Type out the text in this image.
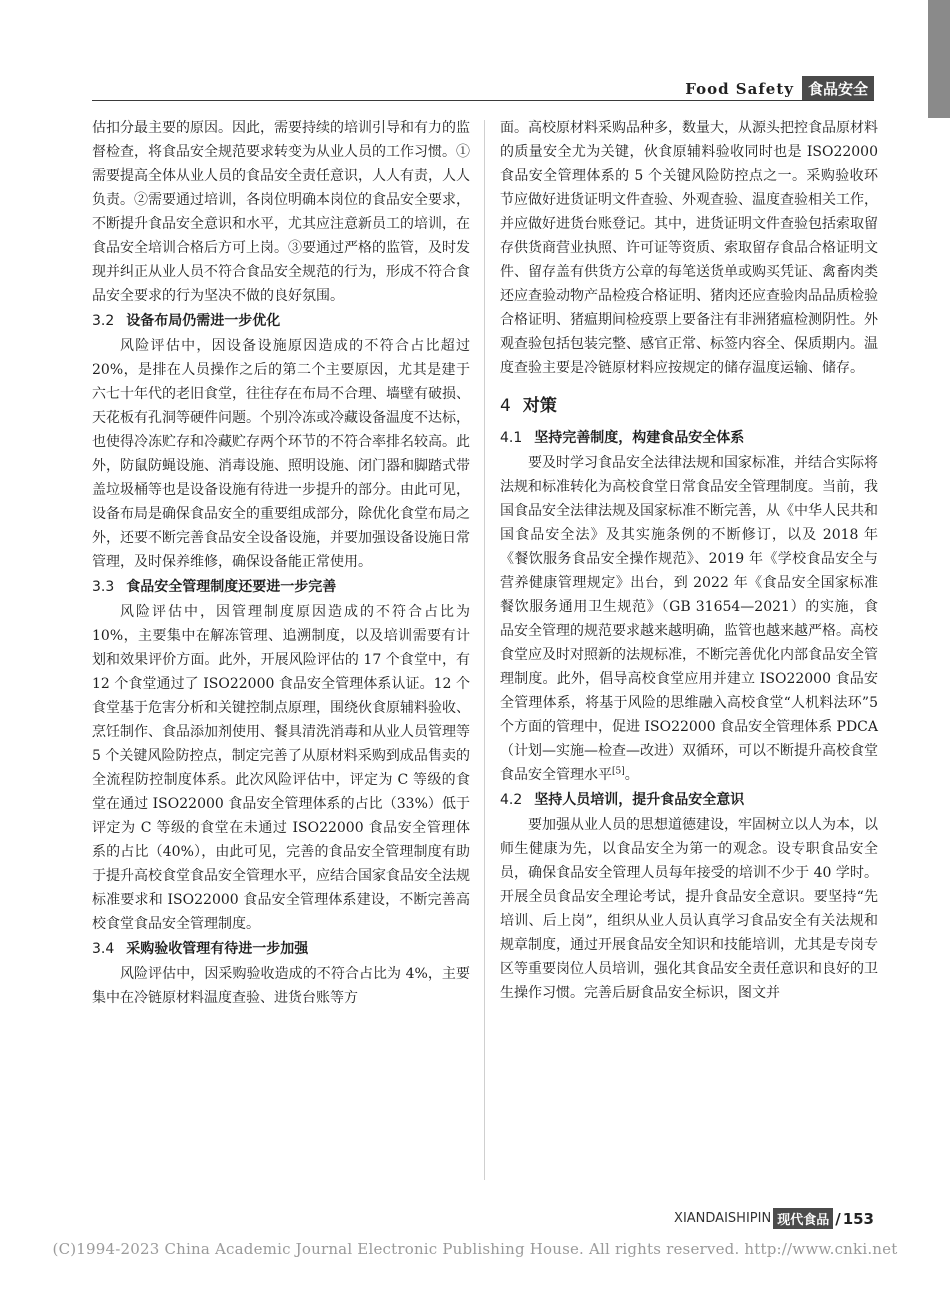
Food Safety 食品安全

估扣分最主要的原因。因此，需要持续的培训引导和有力的监督检查，将食品安全规范要求转变为从业人员的工作习惯。①需要提高全体从业人员的食品安全责任意识，人人有责，人人负责。②需要通过培训，各岗位明确本岗位的食品安全要求，不断提升食品安全意识和水平，尤其应注意新员工的培训，在食品安全培训合格后方可上岗。③要通过严格的监管，及时发现并纠正从业人员不符合食品安全规范的行为，形成不符合食品安全要求的行为坚决不做的良好氛围。

3.2 设备布局仍需进一步优化

风险评估中，因设备设施原因造成的不符合占比超过 20%，是排在人员操作之后的第二个主要原因，尤其是建于六七十年代的老旧食堂，往往存在布局不合理、墙壁有破损、天花板有孔洞等硬件问题。个别冷冻或冷藏设备温度不达标，也使得冷冻贮存和冷藏贮存两个环节的不符合率排名较高。此外，防鼠防蝇设施、消毒设施、照明设施、闭门器和脚踏式带盖垃圾桶等也是设备设施有待进一步提升的部分。由此可见，设备布局是确保食品安全的重要组成部分，除优化食堂布局之外，还要不断完善食品安全设备设施，并要加强设备设施日常管理，及时保养维修，确保设备能正常使用。

3.3 食品安全管理制度还要进一步完善

风险评估中，因管理制度原因造成的不符合占比为 10%，主要集中在解冻管理、追溯制度，以及培训需要有计划和效果评价方面。此外，开展风险评估的 17 个食堂中，有 12 个食堂通过了 ISO22000 食品安全管理体系认证。12 个食堂基于危害分析和关键控制点原理，围绕伙食原辅料验收、烹饪制作、食品添加剂使用、餐具清洗消毒和从业人员管理等 5 个关键风险防控点，制定完善了从原材料采购到成品售卖的全流程防控制度体系。此次风险评估中，评定为 C 等级的食堂在通过 ISO22000 食品安全管理体系的占比（33%）低于评定为 C 等级的食堂在未通过 ISO22000 食品安全管理体系的占比（40%），由此可见，完善的食品安全管理制度有助于提升高校食堂食品安全管理水平，应结合国家食品安全法规标准要求和 ISO22000 食品安全管理体系建设，不断完善高校食堂食品安全管理制度。

3.4 采购验收管理有待进一步加强

风险评估中，因采购验收造成的不符合占比为 4%，主要集中在冷链原材料温度查验、进货台账等方

面。高校原材料采购品种多，数量大，从源头把控食品原材料的质量安全尤为关键，伙食原辅料验收同时也是 ISO22000 食品安全管理体系的 5 个关键风险防控点之一。采购验收环节应做好进货证明文件查验、外观查验、温度查验相关工作，并应做好进货台账登记。其中，进货证明文件查验包括索取留存供货商营业执照、许可证等资质、索取留存食品合格证明文件、留存盖有供货方公章的每笔送货单或购买凭证、禽畜肉类还应查验动物产品检疫合格证明、猪肉还应查验肉品品质检验合格证明、猪瘟期间检疫票上要备注有非洲猪瘟检测阴性。外观查验包括包装完整、感官正常、标签内容全、保质期内。温度查验主要是冷链原材料应按规定的储存温度运输、储存。

4 对策
4.1 坚持完善制度，构建食品安全体系

要及时学习食品安全法律法规和国家标准，并结合实际将法规和标准转化为高校食堂日常食品安全管理制度。当前，我国食品安全法律法规及国家标准不断完善，从《中华人民共和国食品安全法》及其实施条例的不断修订，以及 2018 年《餐饮服务食品安全操作规范》、2019 年《学校食品安全与营养健康管理规定》出台，到 2022 年《食品安全国家标准 餐饮服务通用卫生规范》（GB 31654—2021）的实施，食品安全管理的规范要求越来越明确，监管也越来越严格。高校食堂应及时对照新的法规标准，不断完善优化内部食品安全管理制度。此外，倡导高校食堂应用并建立 ISO22000 食品安全管理体系，将基于风险的思维融入高校食堂“人机料法环”5 个方面的管理中，促进 ISO22000 食品安全管理体系 PDCA（计划—实施—检查—改进）双循环，可以不断提升高校食堂食品安全管理水平[5]。

4.2 坚持人员培训，提升食品安全意识

要加强从业人员的思想道德建设，牢固树立以人为本，以师生健康为先，以食品安全为第一的观念。设专职食品安全员，确保食品安全管理人员每年接受的培训不少于 40 学时。开展全员食品安全理论考试，提升食品安全意识。要坚持“先培训、后上岗”，组织从业人员认真学习食品安全有关法规和规章制度，通过开展食品安全知识和技能培训，尤其是专岗专区等重要岗位人员培训，强化其食品安全责任意识和良好的卫生操作习惯。完善后厨食品安全标识，图文并

XIANDAISHIPIN 现代食品 / 153
(C)1994-2023 China Academic Journal Electronic Publishing House. All rights reserved. http://www.cnki.net
